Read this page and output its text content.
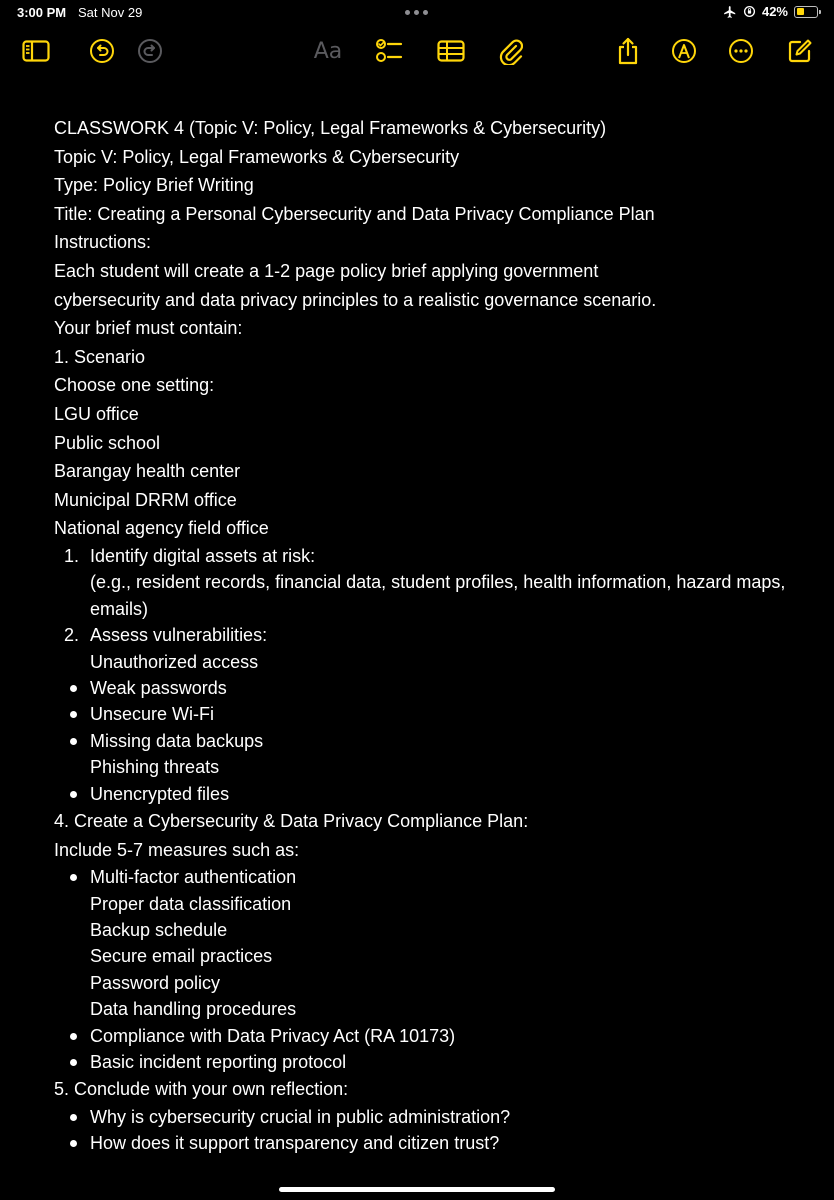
3:00 PM Sat Nov 29	42%
Aa
CLASSWORK 4 (Topic V: Policy, Legal Frameworks & Cybersecurity)
Topic V: Policy, Legal Frameworks & Cybersecurity
Type: Policy Brief Writing
Title: Creating a Personal Cybersecurity and Data Privacy Compliance Plan
Instructions:
Each student will create a 1-2 page policy brief applying government
cybersecurity and data privacy principles to a realistic governance scenario.
Your brief must contain:
1. Scenario
Choose one setting:
LGU office
Public school
Barangay health center
Municipal DRRM office
National agency field office
1. Identify digital assets at risk:
(e.g., resident records, financial data, student profiles, health information, hazard maps, emails)
2. Assess vulnerabilities:
Unauthorized access
Weak passwords
Unsecure Wi-Fi
Missing data backups
Phishing threats
Unencrypted files
4. Create a Cybersecurity & Data Privacy Compliance Plan:
Include 5-7 measures such as:
Multi-factor authentication
Proper data classification
Backup schedule
Secure email practices
Password policy
Data handling procedures
Compliance with Data Privacy Act (RA 10173)
Basic incident reporting protocol
5. Conclude with your own reflection:
Why is cybersecurity crucial in public administration?
How does it support transparency and citizen trust?
